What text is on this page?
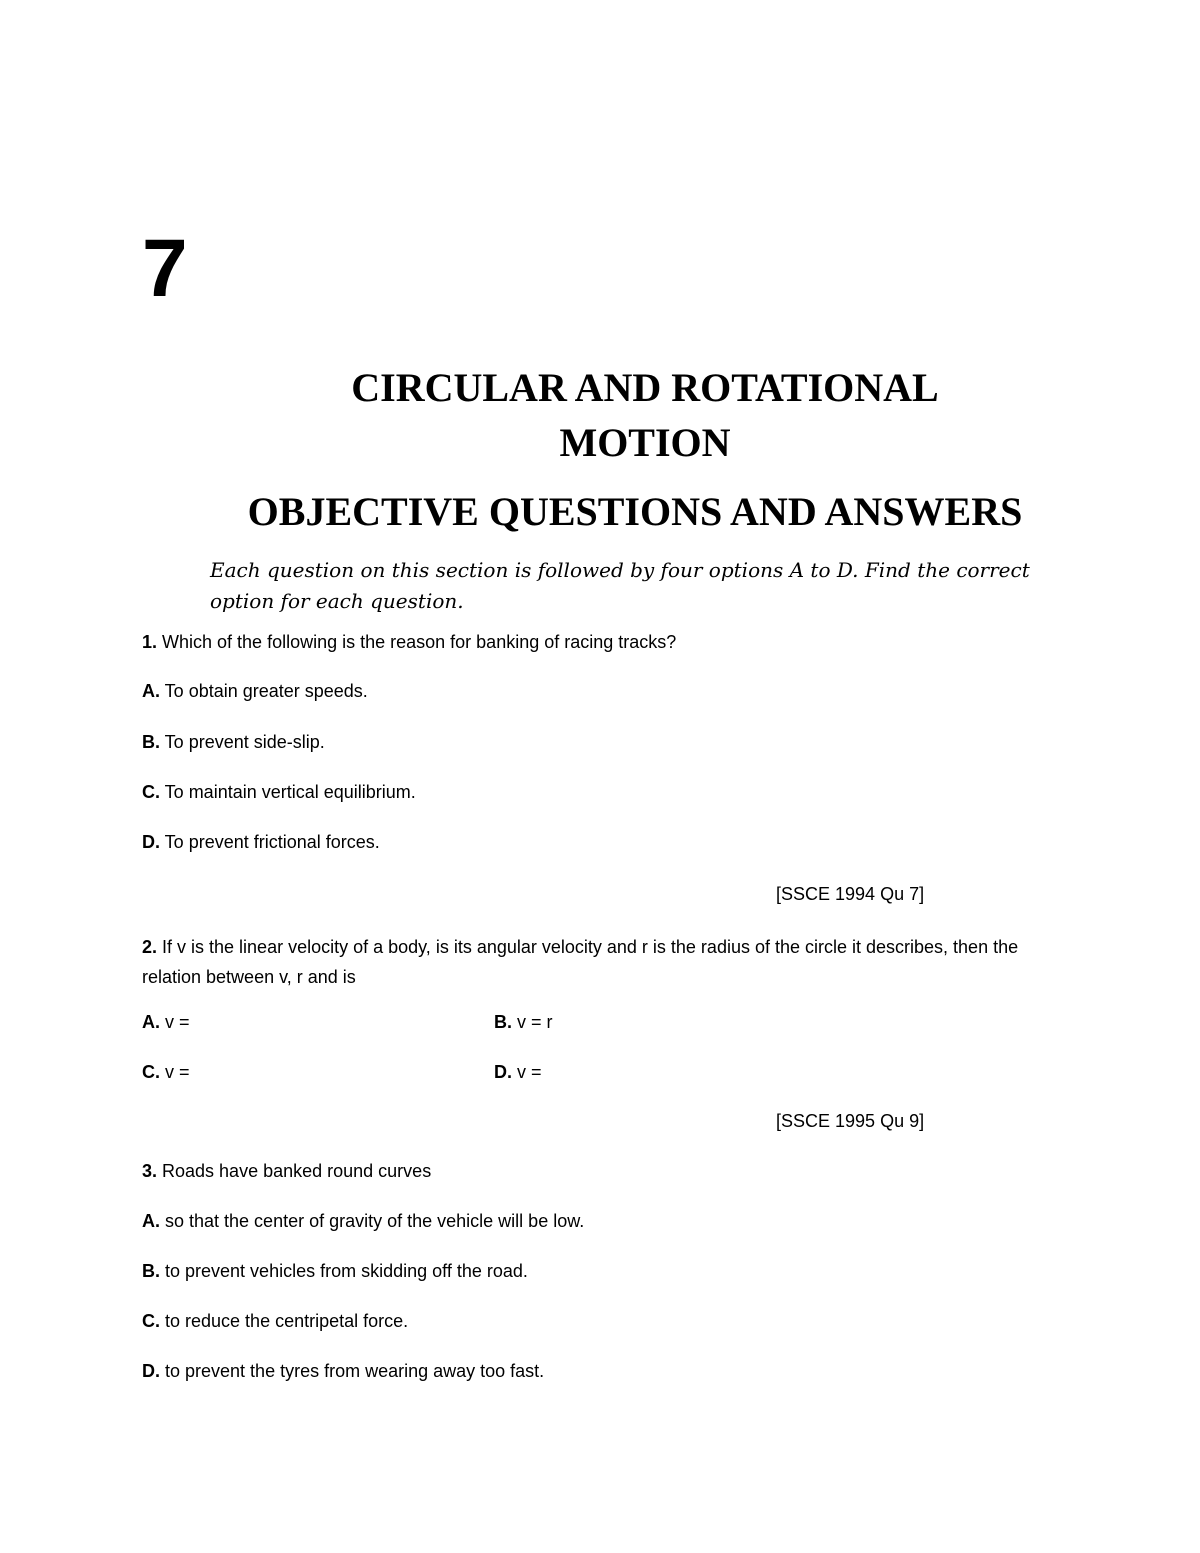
7
CIRCULAR AND ROTATIONAL
MOTION
OBJECTIVE QUESTIONS AND ANSWERS
Each question on this section is followed by four options A to D. Find the correct option for each question.
1. Which of the following is the reason for banking of racing tracks?
A. To obtain greater speeds.
B. To prevent side-slip.
C. To maintain vertical equilibrium.
D. To prevent frictional forces.
[SSCE 1994 Qu 7]
2. If v is the linear velocity of a body, is its angular velocity and r is the radius of the circle it describes, then the relation between v, r and is
A. v =	B. v = r
C. v =	D. v =
[SSCE 1995 Qu 9]
3. Roads have banked round curves
A. so that the center of gravity of the vehicle will be low.
B. to prevent vehicles from skidding off the road.
C. to reduce the centripetal force.
D. to prevent the tyres from wearing away too fast.
